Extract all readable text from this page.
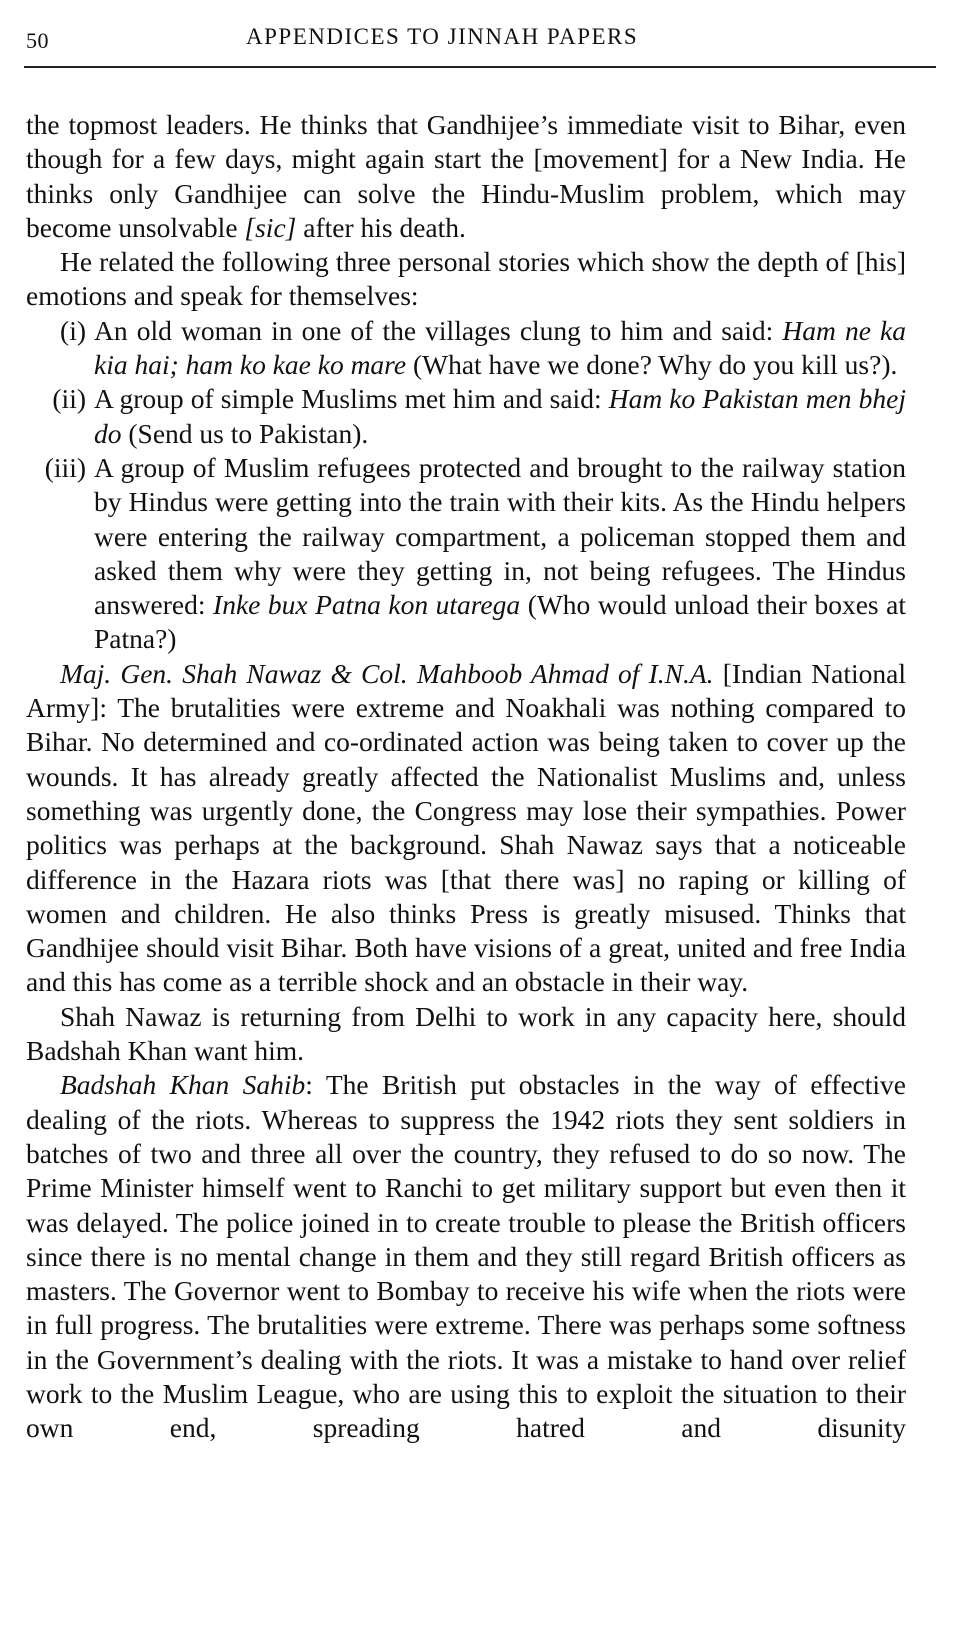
50	APPENDICES TO JINNAH PAPERS

the topmost leaders. He thinks that Gandhijee’s immediate visit to Bihar, even though for a few days, might again start the [movement] for a New India. He thinks only Gandhijee can solve the Hindu-Muslim problem, which may become unsolvable [sic] after his death.

He related the following three personal stories which show the depth of [his] emotions and speak for themselves:

(i) An old woman in one of the villages clung to him and said: Ham ne ka kia hai; ham ko kae ko mare (What have we done? Why do you kill us?).
(ii) A group of simple Muslims met him and said: Ham ko Pakistan men bhej do (Send us to Pakistan).
(iii) A group of Muslim refugees protected and brought to the railway station by Hindus were getting into the train with their kits. As the Hindu helpers were entering the railway compartment, a policeman stopped them and asked them why were they getting in, not being refugees. The Hindus answered: Inke bux Patna kon utarega (Who would unload their boxes at Patna?)

Maj. Gen. Shah Nawaz & Col. Mahboob Ahmad of I.N.A. [Indian National Army]: The brutalities were extreme and Noakhali was nothing compared to Bihar. No determined and co-ordinated action was being taken to cover up the wounds. It has already greatly affected the Nationalist Muslims and, unless something was urgently done, the Congress may lose their sympathies. Power politics was perhaps at the background. Shah Nawaz says that a noticeable difference in the Hazara riots was [that there was] no raping or killing of women and children. He also thinks Press is greatly misused. Thinks that Gandhijee should visit Bihar. Both have visions of a great, united and free India and this has come as a terrible shock and an obstacle in their way.

Shah Nawaz is returning from Delhi to work in any capacity here, should Badshah Khan want him.

Badshah Khan Sahib: The British put obstacles in the way of effective dealing of the riots. Whereas to suppress the 1942 riots they sent soldiers in batches of two and three all over the country, they refused to do so now. The Prime Minister himself went to Ranchi to get military support but even then it was delayed. The police joined in to create trouble to please the British officers since there is no mental change in them and they still regard British officers as masters. The Governor went to Bombay to receive his wife when the riots were in full progress. The brutalities were extreme. There was perhaps some softness in the Government’s dealing with the riots. It was a mistake to hand over relief work to the Muslim League, who are using this to exploit the situation to their own end, spreading hatred and disunity
